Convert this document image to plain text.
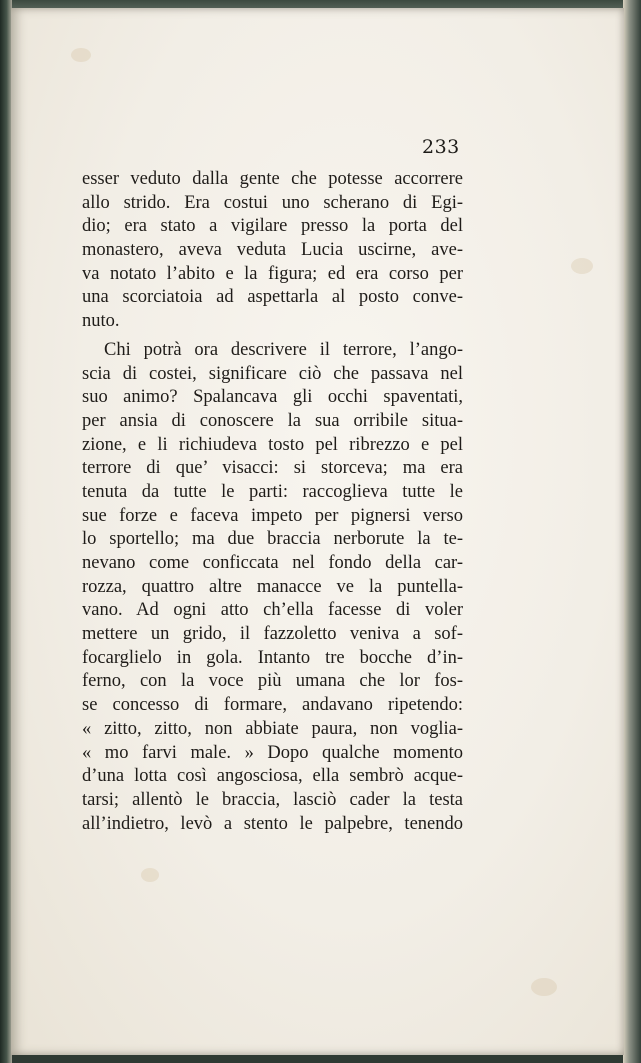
233
esser veduto dalla gente che potesse accorrere
allo strido. Era costui uno scherano di Egi-
dio; era stato a vigilare presso la porta del
monastero, aveva veduta Lucia uscirne, ave-
va notato l’abito e la figura; ed era corso per
una scorciatoia ad aspettarla al posto conve-
nuto.
Chi potrà ora descrivere il terrore, l’ango-
scia di costei, significare ciò che passava nel
suo animo? Spalancava gli occhi spaventati,
per ansia di conoscere la sua orribile situa-
zione, e li richiudeva tosto pel ribrezzo e pel
terrore di que’ visacci: si storceva; ma era
tenuta da tutte le parti: raccoglieva tutte le
sue forze e faceva impeto per pignersi verso
lo sportello; ma due braccia nerborute la te-
nevano come conficcata nel fondo della car-
rozza, quattro altre manacce ve la puntella-
vano. Ad ogni atto ch’ella facesse di voler
mettere un grido, il fazzoletto veniva a sof-
focarglielo in gola. Intanto tre bocche d’in-
ferno, con la voce più umana che lor fos-
se concesso di formare, andavano ripetendo:
« zitto, zitto, non abbiate paura, non voglia-
« mo farvi male. » Dopo qualche momento
d’una lotta così angosciosa, ella sembrò acque-
tarsi; allentò le braccia, lasciò cader la testa
all’indietro, levò a stento le palpebre, tenendo
